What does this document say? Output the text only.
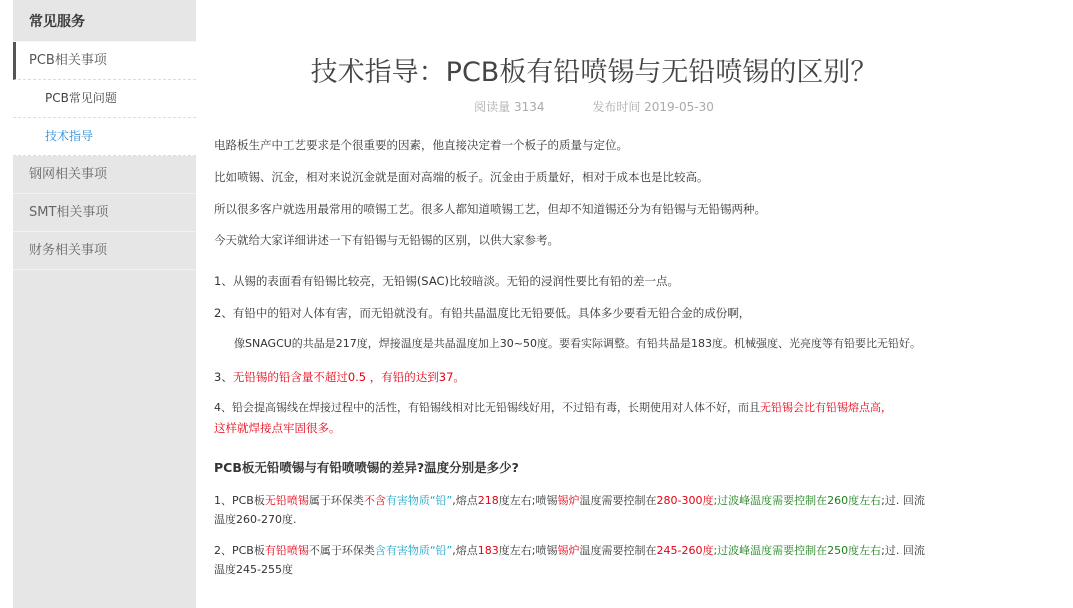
常见服务
PCB相关事项
PCB常见问题
技术指导
钢网相关事项
SMT相关事项
财务相关事项
技术指导：PCB板有铅喷锡与无铅喷锡的区别？
阅读量 3134	发布时间 2019-05-30

电路板生产中工艺要求是个很重要的因素，他直接决定着一个板子的质量与定位。

比如喷锡、沉金，相对来说沉金就是面对高端的板子。沉金由于质量好，相对于成本也是比较高。

所以很多客户就选用最常用的喷锡工艺。很多人都知道喷锡工艺，但却不知道锡还分为有铅锡与无铅锡两种。

今天就给大家详细讲述一下有铅锡与无铅锡的区别，以供大家参考。

1、从锡的表面看有铅锡比较亮，无铅锡(SAC)比较暗淡。无铅的浸润性要比有铅的差一点。

2、有铅中的铅对人体有害，而无铅就没有。有铅共晶温度比无铅要低。具体多少要看无铅合金的成份啊，

像SNAGCU的共晶是217度，焊接温度是共晶温度加上30~50度。要看实际调整。有铅共晶是183度。机械强度、光亮度等有铅要比无铅好。

3、无铅锡的铅含量不超过0.5 ，有铅的达到37。

4、铅会提高锡线在焊接过程中的活性，有铅锡线相对比无铅锡线好用，不过铅有毒，长期使用对人体不好，而且无铅锡会比有铅锡熔点高，

这样就焊接点牢固很多。

PCB板无铅喷锡与有铅喷喷锡的差异?温度分别是多少?

1、PCB板无铅喷锡属于环保类不含有害物质“铅”,熔点218度左右;喷锡锡炉温度需要控制在280-300度;过波峰温度需要控制在260度左右;过. 回流

温度260-270度.

2、PCB板有铅喷锡不属于环保类含有害物质“铅”,熔点183度左右;喷锡锡炉温度需要控制在245-260度;过波峰温度需要控制在250度左右;过. 回流

温度245-255度
